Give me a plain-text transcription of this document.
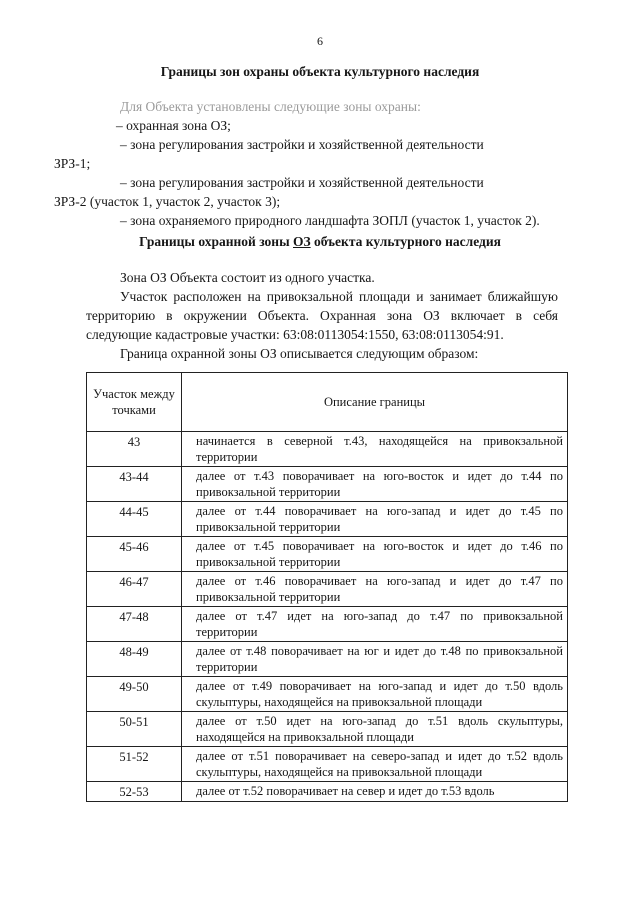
6
Границы зон охраны объекта культурного наследия
Для Объекта установлены следующие зоны охраны:
– охранная зона ОЗ;
– зона регулирования застройки и хозяйственной деятельности
ЗРЗ-1;
– зона регулирования застройки и хозяйственной деятельности
ЗРЗ-2 (участок 1, участок 2, участок 3);
– зона охраняемого природного ландшафта ЗОПЛ (участок 1, участок 2).
Границы охранной зоны ОЗ объекта культурного наследия

Зона ОЗ Объекта состоит из одного участка.

Участок расположен на привокзальной площади и занимает ближайшую территорию в окружении Объекта. Охранная зона ОЗ включает в себя следующие кадастровые участки: 63:08:0113054:1550, 63:08:0113054:91.

Граница охранной зоны ОЗ описывается следующим образом:

Участок между точками	Описание границы
43	начинается в северной т.43, находящейся на привокзальной территории
43-44	далее от т.43 поворачивает на юго-восток и идет до т.44 по привокзальной территории
44-45	далее от т.44 поворачивает на юго-запад и идет до т.45 по привокзальной территории
45-46	далее от т.45 поворачивает на юго-восток и идет до т.46 по привокзальной территории
46-47	далее от т.46 поворачивает на юго-запад и идет до т.47 по привокзальной территории
47-48	далее от т.47 идет на юго-запад до т.47 по привокзальной территории
48-49	далее от т.48 поворачивает на юг и идет до т.48 по привокзальной территории
49-50	далее от т.49 поворачивает на юго-запад и идет до т.50 вдоль скульптуры, находящейся на привокзальной площади
50-51	далее от т.50 идет на юго-запад до т.51 вдоль скульптуры, находящейся на привокзальной площади
51-52	далее от т.51 поворачивает на северо-запад и идет до т.52 вдоль скульптуры, находящейся на привокзальной площади
52-53	далее от т.52 поворачивает на север и идет до т.53 вдоль
